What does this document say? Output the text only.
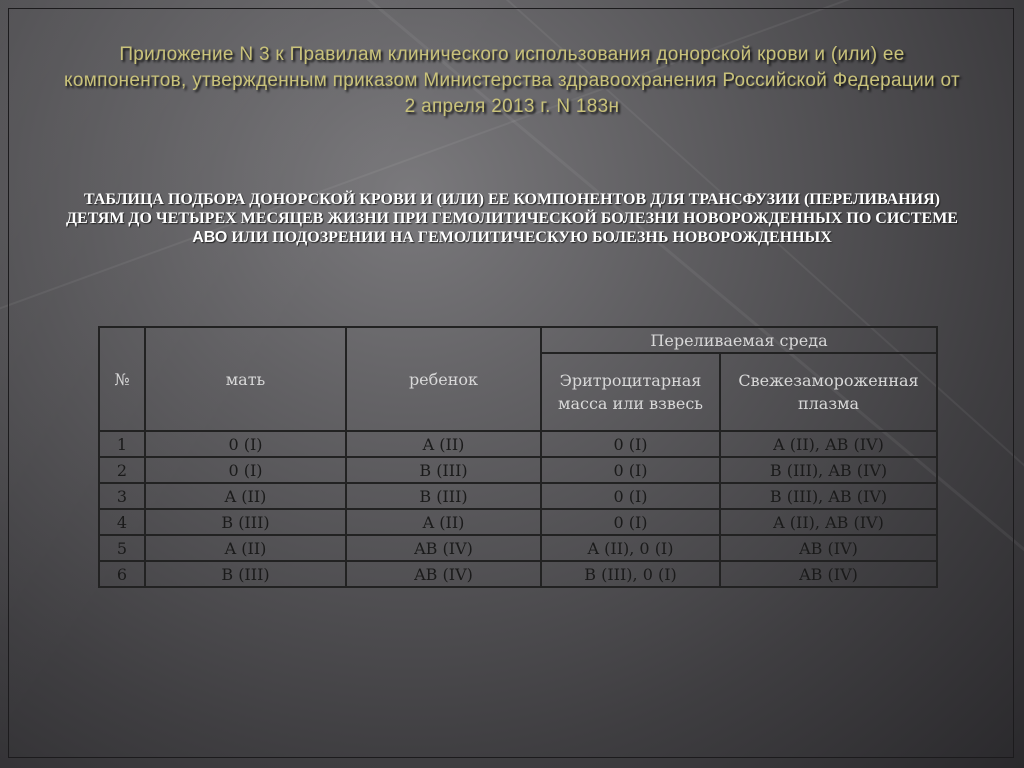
Приложение N 3 к Правилам клинического использования донорской крови и (или) ее компонентов, утвержденным приказом Министерства здравоохранения Российской Федерации от 2 апреля 2013 г. N 183н

ТАБЛИЦА ПОДБОРА ДОНОРСКОЙ КРОВИ И (ИЛИ) ЕЕ КОМПОНЕНТОВ ДЛЯ ТРАНСФУЗИИ (ПЕРЕЛИВАНИЯ) ДЕТЯМ ДО ЧЕТЫРЕХ МЕСЯЦЕВ ЖИЗНИ ПРИ ГЕМОЛИТИЧЕСКОЙ БОЛЕЗНИ НОВОРОЖДЕННЫХ ПО СИСТЕМЕ АВО ИЛИ ПОДОЗРЕНИИ НА ГЕМОЛИТИЧЕСКУЮ БОЛЕЗНЬ НОВОРОЖДЕННЫХ

№	мать	ребенок	Переливаемая среда	
			Эритроцитарная масса или взвесь	Свежезамороженная плазма
1	0 (I)	A (II)	0 (I)	A (II), AB (IV)
2	0 (I)	B (III)	0 (I)	B (III), AB (IV)
3	A (II)	B (III)	0 (I)	B (III), AB (IV)
4	B (III)	A (II)	0 (I)	A (II), AB (IV)
5	A (II)	AB (IV)	A (II), 0 (I)	AB (IV)
6	B (III)	AB (IV)	B (III), 0 (I)	AB (IV)
